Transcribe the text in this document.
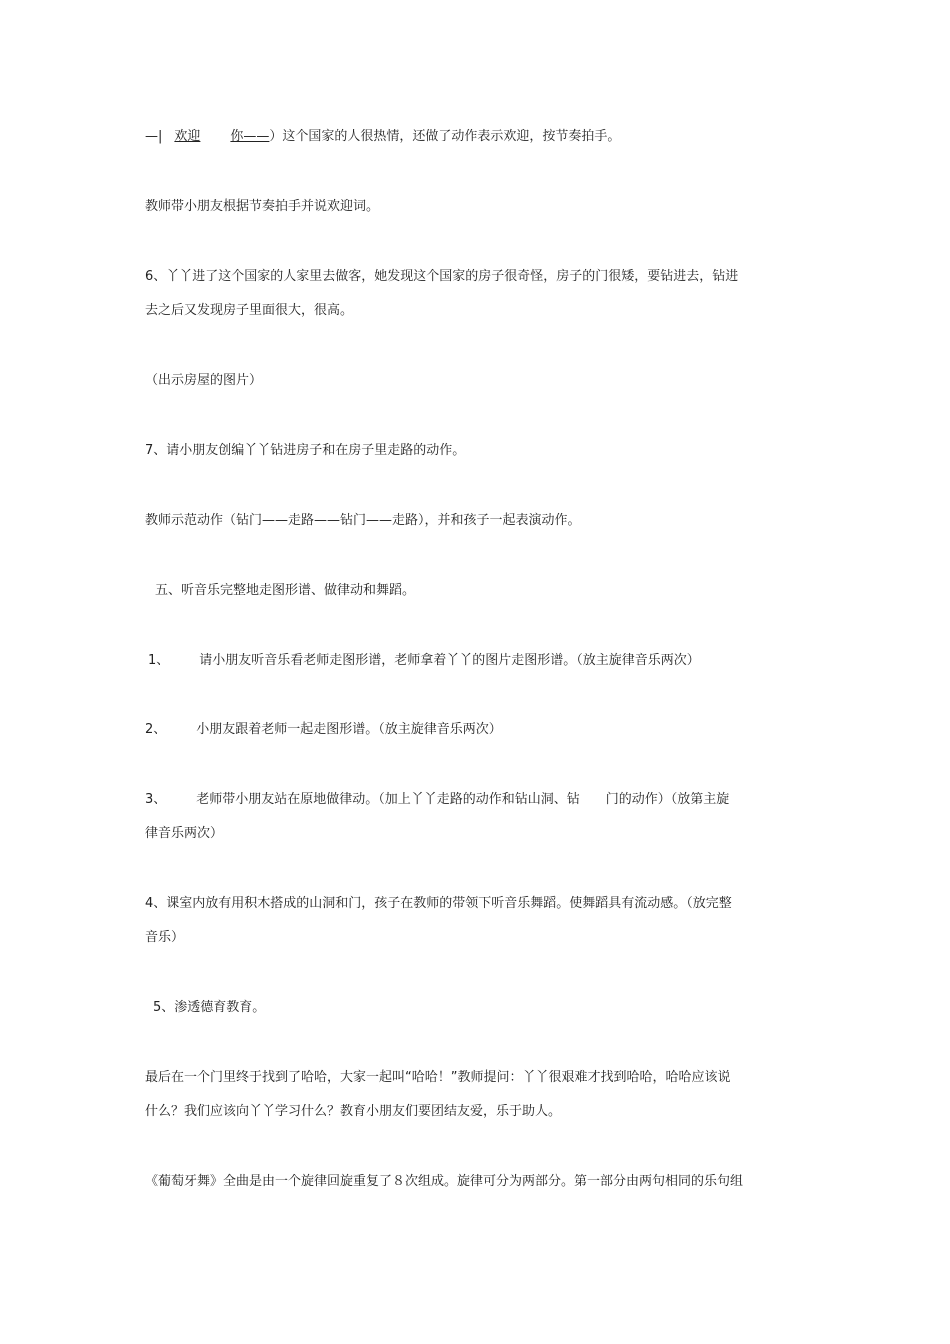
—| 欢迎 你——）这个国家的人很热情，还做了动作表示欢迎，按节奏拍手。
教师带小朋友根据节奏拍手并说欢迎词。
6、丫丫进了这个国家的人家里去做客，她发现这个国家的房子很奇怪，房子的门很矮，要钻进去，钻进
去之后又发现房子里面很大，很高。
（出示房屋的图片）
7、请小朋友创编丫丫钻进房子和在房子里走路的动作。
教师示范动作（钻门——走路——钻门——走路），并和孩子一起表演动作。
五、听音乐完整地走图形谱、做律动和舞蹈。
1、 请小朋友听音乐看老师走图形谱，老师拿着丫丫的图片走图形谱。（放主旋律音乐两次）
2、 小朋友跟着老师一起走图形谱。（放主旋律音乐两次）
3、 老师带小朋友站在原地做律动。（加上丫丫走路的动作和钻山洞、钻 门的动作）（放第主旋
律音乐两次）
4、课室内放有用积木搭成的山洞和门，孩子在教师的带领下听音乐舞蹈。使舞蹈具有流动感。（放完整
音乐）
5、渗透德育教育。
最后在一个门里终于找到了哈哈，大家一起叫“哈哈！”教师提问：丫丫很艰难才找到哈哈，哈哈应该说
什么？我们应该向丫丫学习什么？教育小朋友们要团结友爱，乐于助人。
《葡萄牙舞》全曲是由一个旋律回旋重复了８次组成。旋律可分为两部分。第一部分由两句相同的乐句组
